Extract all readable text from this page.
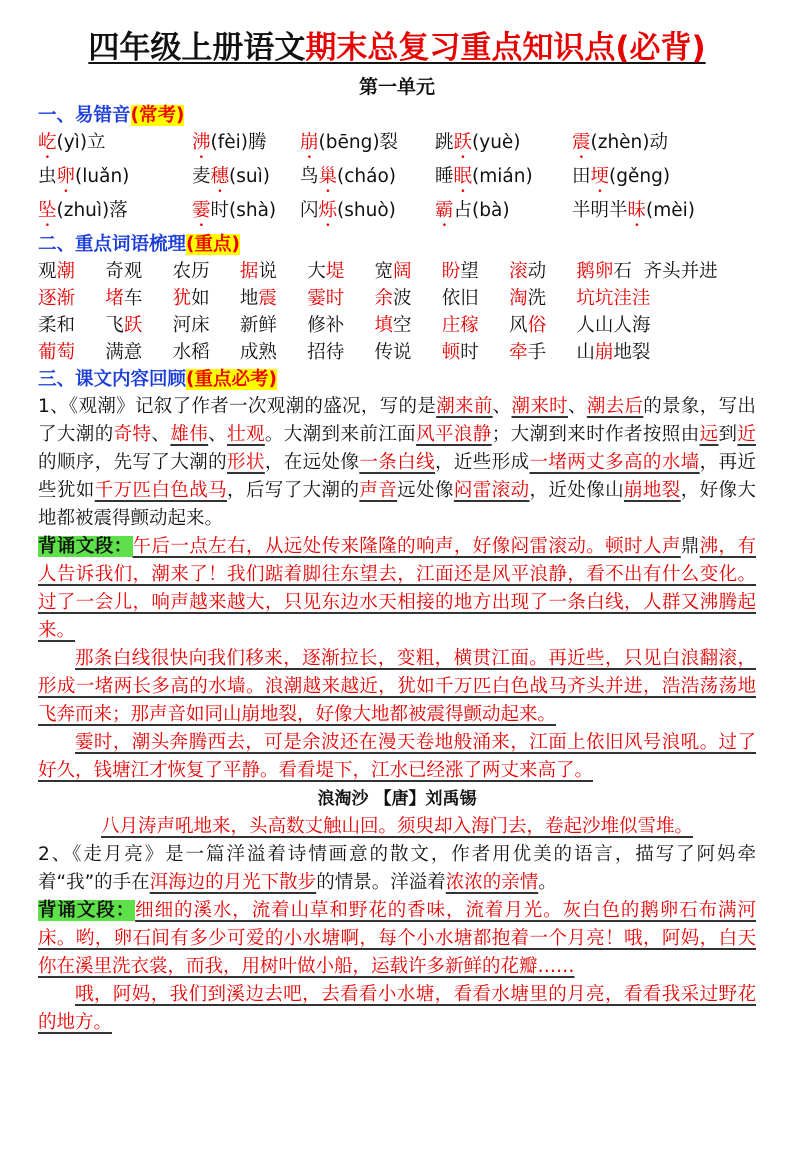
四年级上册语文期末总复习重点知识点(必背)
第一单元
一、易错音(常考)
屹(yì)立	沸(fèi)腾	崩(bēng)裂	跳跃(yuè)	震(zhèn)动
虫卵(luǎn)	麦穗(suì)	鸟巢(cháo)	睡眠(mián)	田埂(gěng)
坠(zhuì)落	霎时(shà)	闪烁(shuò)	霸占(bà)	半明半昧(mèi)
二、重点词语梳理(重点)
观潮	奇观	农历	据说	大堤	宽阔	盼望	滚动	鹅卵石 齐头并进
逐渐	堵车	犹如	地震	霎时	余波	依旧	淘洗	坑坑洼洼
柔和	飞跃	河床	新鲜	修补	填空	庄稼	风俗	人山人海
葡萄	满意	水稻	成熟	招待	传说	顿时	牵手	山崩地裂
三、课文内容回顾(重点必考)
1、《观潮》记叙了作者一次观潮的盛况，写的是潮来前、潮来时、潮去后的景象，写出了大潮的奇特、雄伟、壮观。大潮到来前江面风平浪静；大潮到来时作者按照由远到近的顺序，先写了大潮的形状，在远处像一条白线，近些形成一堵两丈多高的水墙，再近些犹如千万匹白色战马，后写了大潮的声音远处像闷雷滚动，近处像山崩地裂，好像大地都被震得颤动起来。
背诵文段：午后一点左右，从远处传来隆隆的响声，好像闷雷滚动。顿时人声鼎沸，有人告诉我们，潮来了！我们踮着脚往东望去，江面还是风平浪静，看不出有什么变化。过了一会儿，响声越来越大，只见东边水天相接的地方出现了一条白线，人群又沸腾起来。
那条白线很快向我们移来，逐渐拉长，变粗，横贯江面。再近些，只见白浪翻滚，形成一堵两长多高的水墙。浪潮越来越近，犹如千万匹白色战马齐头并进，浩浩荡荡地飞奔而来；那声音如同山崩地裂，好像大地都被震得颤动起来。
霎时，潮头奔腾西去，可是余波还在漫天卷地般涌来，江面上依旧风号浪吼。过了好久，钱塘江才恢复了平静。看看堤下，江水已经涨了两丈来高了。
浪淘沙 【唐】刘禹锡
八月涛声吼地来，头高数丈触山回。须臾却入海门去，卷起沙堆似雪堆。
2、《走月亮》是一篇洋溢着诗情画意的散文，作者用优美的语言，描写了阿妈牵着“我”的手在洱海边的月光下散步的情景。洋溢着浓浓的亲情。
背诵文段：细细的溪水，流着山草和野花的香味，流着月光。灰白色的鹅卵石布满河床。哟，卵石间有多少可爱的小水塘啊，每个小水塘都抱着一个月亮！哦，阿妈，白天你在溪里洗衣裳，而我，用树叶做小船，运载许多新鲜的花瓣……
哦，阿妈，我们到溪边去吧，去看看小水塘，看看水塘里的月亮，看看我采过野花的地方。
